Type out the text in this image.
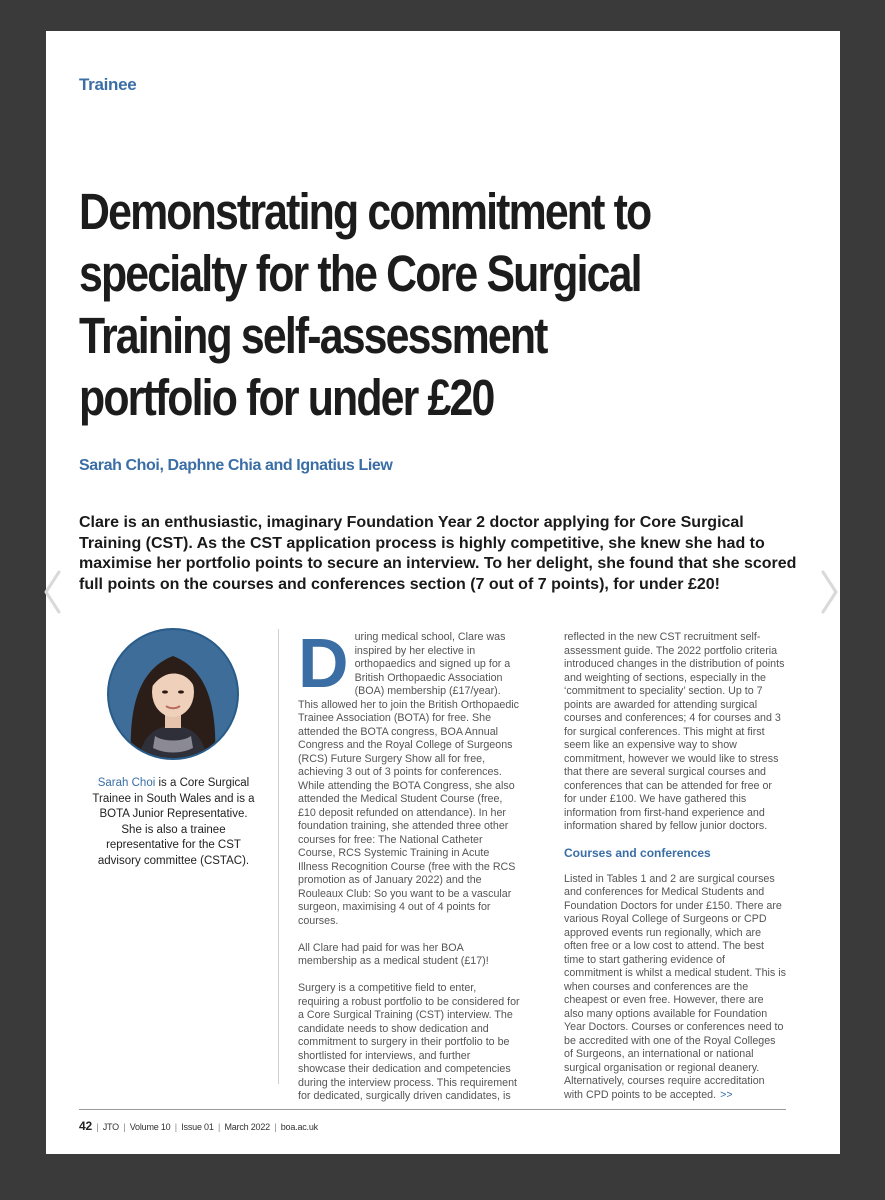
Trainee
Demonstrating commitment to
specialty for the Core Surgical
Training self-assessment
portfolio for under £20
Sarah Choi, Daphne Chia and Ignatius Liew

Clare is an enthusiastic, imaginary Foundation Year 2 doctor applying for Core Surgical Training (CST). As the CST application process is highly competitive, she knew she had to maximise her portfolio points to secure an interview. To her delight, she found that she scored full points on the courses and conferences section (7 out of 7 points), for under £20!

Sarah Choi is a Core Surgical Trainee in South Wales and is a BOTA Junior Representative. She is also a trainee representative for the CST advisory committee (CSTAC).

D uring medical school, Clare was inspired by her elective in orthopaedics and signed up for a British Orthopaedic Association (BOA) membership (£17/year). This allowed her to join the British Orthopaedic Trainee Association (BOTA) for free. She attended the BOTA congress, BOA Annual Congress and the Royal College of Surgeons (RCS) Future Surgery Show all for free, achieving 3 out of 3 points for conferences. While attending the BOTA Congress, she also attended the Medical Student Course (free, £10 deposit refunded on attendance). In her foundation training, she attended three other courses for free: The National Catheter Course, RCS Systemic Training in Acute Illness Recognition Course (free with the RCS promotion as of January 2022) and the Rouleaux Club: So you want to be a vascular surgeon, maximising 4 out of 4 points for courses.

All Clare had paid for was her BOA membership as a medical student (£17)!

Surgery is a competitive field to enter, requiring a robust portfolio to be considered for a Core Surgical Training (CST) interview. The candidate needs to show dedication and commitment to surgery in their portfolio to be shortlisted for interviews, and further showcase their dedication and competencies during the interview process. This requirement for dedicated, surgically driven candidates, is

reflected in the new CST recruitment self-assessment guide. The 2022 portfolio criteria introduced changes in the distribution of points and weighting of sections, especially in the ‘commitment to speciality’ section. Up to 7 points are awarded for attending surgical courses and conferences; 4 for courses and 3 for surgical conferences. This might at first seem like an expensive way to show commitment, however we would like to stress that there are several surgical courses and conferences that can be attended for free or for under £100. We have gathered this information from first-hand experience and information shared by fellow junior doctors.

Courses and conferences

Listed in Tables 1 and 2 are surgical courses and conferences for Medical Students and Foundation Doctors for under £150. There are various Royal College of Surgeons or CPD approved events run regionally, which are often free or a low cost to attend. The best time to start gathering evidence of commitment is whilst a medical student. This is when courses and conferences are the cheapest or even free. However, there are also many options available for Foundation Year Doctors. Courses or conferences need to be accredited with one of the Royal Colleges of Surgeons, an international or national surgical organisation or regional deanery. Alternatively, courses require accreditation with CPD points to be accepted. >>

42 | JTO | Volume 10 | Issue 01 | March 2022 | boa.ac.uk
